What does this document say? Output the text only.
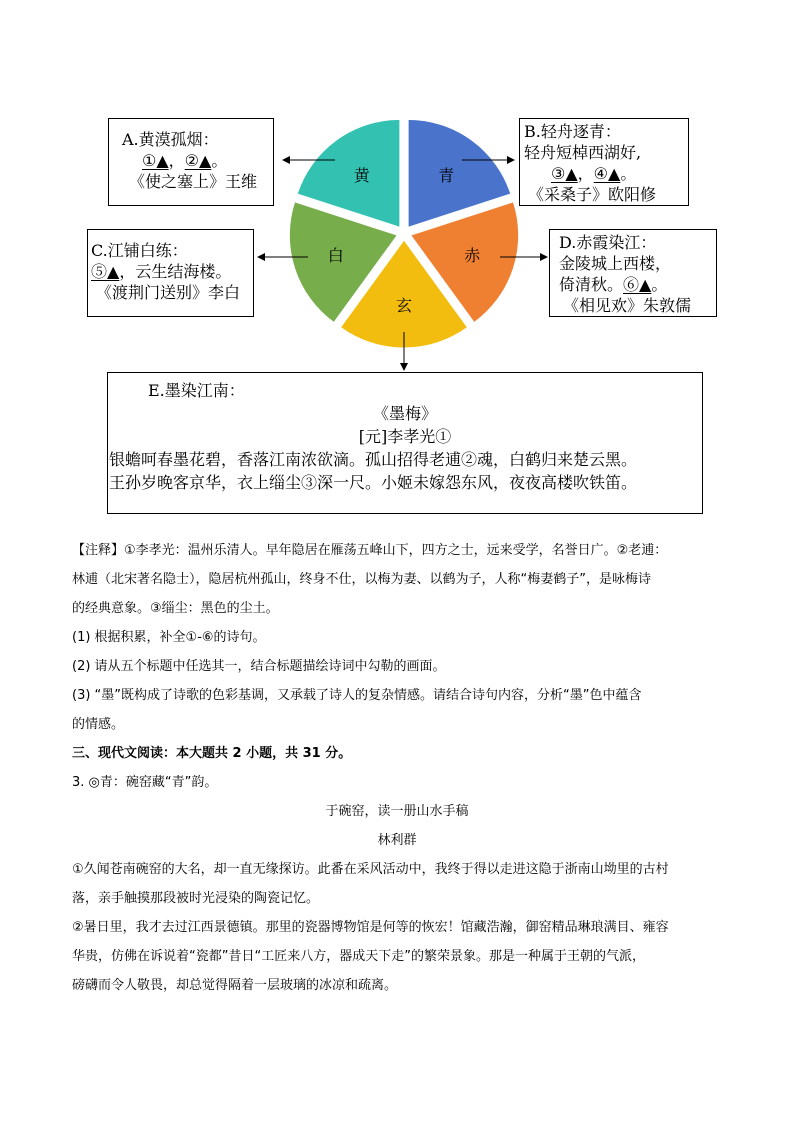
黄	青
赤
玄
白
A.黄漠孤烟：
①▲，②▲。
《使之塞上》王维
B.轻舟逐青：
轻舟短棹西湖好,
③▲，④▲。
《采桑子》欧阳修
C.江铺白练：
⑤▲，云生结海楼。
《渡荆门送别》李白
D.赤霞染江：
金陵城上西楼，
倚清秋。⑥▲。
《相见欢》朱敦儒
E.墨染江南：
《墨梅》
[元]李孝光①
银蟾呵春墨花碧，香落江南浓欲滴。孤山招得老逋②魂，白鹤归来楚云黑。
王孙岁晚客京华，衣上缁尘③深一尺。小姬未嫁怨东风，夜夜高楼吹铁笛。
【注释】①李孝光：温州乐清人。早年隐居在雁荡五峰山下，四方之士，远来受学，名誉日广。②老逋：
林逋（北宋著名隐士），隐居杭州孤山，终身不仕，以梅为妻、以鹤为子，人称“梅妻鹤子”，是咏梅诗
的经典意象。③缁尘：黑色的尘土。
(1) 根据积累，补全①-⑥的诗句。
(2) 请从五个标题中任选其一，结合标题描绘诗词中勾勒的画面。
(3) “墨”既构成了诗歌的色彩基调，又承载了诗人的复杂情感。请结合诗句内容，分析“墨”色中蕴含
的情感。
三、现代文阅读：本大题共 2 小题，共 31 分。
3. ◎青：碗窑藏“青”韵。
于碗窑，读一册山水手稿
林利群
①久闻苍南碗窑的大名，却一直无缘探访。此番在采风活动中，我终于得以走进这隐于浙南山坳里的古村
落，亲手触摸那段被时光浸染的陶瓷记忆。
②暑日里，我才去过江西景德镇。那里的瓷器博物馆是何等的恢宏！馆藏浩瀚，御窑精品琳琅满目、雍容
华贵，仿佛在诉说着“瓷都”昔日“工匠来八方，器成天下走”的繁荣景象。那是一种属于王朝的气派，
磅礴而令人敬畏，却总觉得隔着一层玻璃的冰凉和疏离。
